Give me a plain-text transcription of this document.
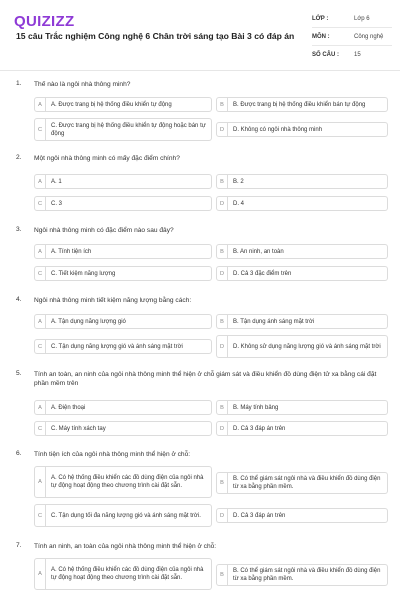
QUIZIZZ
15 câu Trắc nghiệm Công nghệ 6 Chân trời sáng tạo Bài 3 có đáp án
LỚP :	Lớp 6
MÔN :	Công nghệ
SỐ CÂU :	15
1. Thế nào là ngôi nhà thông minh?
A	A. Được trang bị hệ thống điều khiển tự động	B	B. Được trang bị hệ thống điều khiển bán tự động
C
C. Được trang bị hệ thống điều khiển tự động hoặc bán tự động
D	D. Không có ngôi nhà thông minh
2. Một ngôi nhà thông minh có mấy đặc điểm chính?
A	A. 1	B	B. 2
C	C. 3	D	D. 4
3. Ngôi nhà thông minh có đặc điểm nào sau đây?
A	A. Tính tiện ích	B	B. An ninh, an toàn
C	C. Tiết kiệm năng lượng	D	D. Cả 3 đặc điểm trên
4. Ngôi nhà thông minh tiết kiệm năng lượng bằng cách:
A	A. Tận dụng năng lượng gió	B	B. Tận dụng ánh sáng mặt trời
C	C. Tận dụng năng lượng gió và ánh sáng mặt trời	D	D. Không sử dụng năng lượng gió và ánh sáng mặt trời
5. Tính an toàn, an ninh của ngôi nhà thông minh thể hiện ở chỗ giám sát và điều khiển đồ dùng điện tử xa bằng cái đặt phần mềm trên
A	A. Điện thoại	B	B. Máy tính bảng
C	C. Máy tính xách tay	D	D. Cả 3 đáp án trên
6. Tính tiện ích của ngôi nhà thông minh thể hiện ở chỗ:
A
A. Có hệ thống điều khiển các đồ dùng điện của ngôi nhà tự động hoạt động theo chương trình cài đặt sẵn.	B
B. Có thể giám sát ngôi nhà và điều khiển đồ dùng điện từ xa bằng phần mềm.
C	C. Tận dụng tối đa năng lượng gió và ánh sáng mặt trời.	D	D. Cả 3 đáp án trên
7. Tính an ninh, an toàn của ngôi nhà thông minh thể hiện ở chỗ:
A
A. Có hệ thống điều khiển các đồ dùng điện của ngôi nhà tự động hoạt động theo chương trình cài đặt sẵn.	B
B. Có thể giám sát ngôi nhà và điều khiển đồ dùng điện từ xa bằng phần mềm.
